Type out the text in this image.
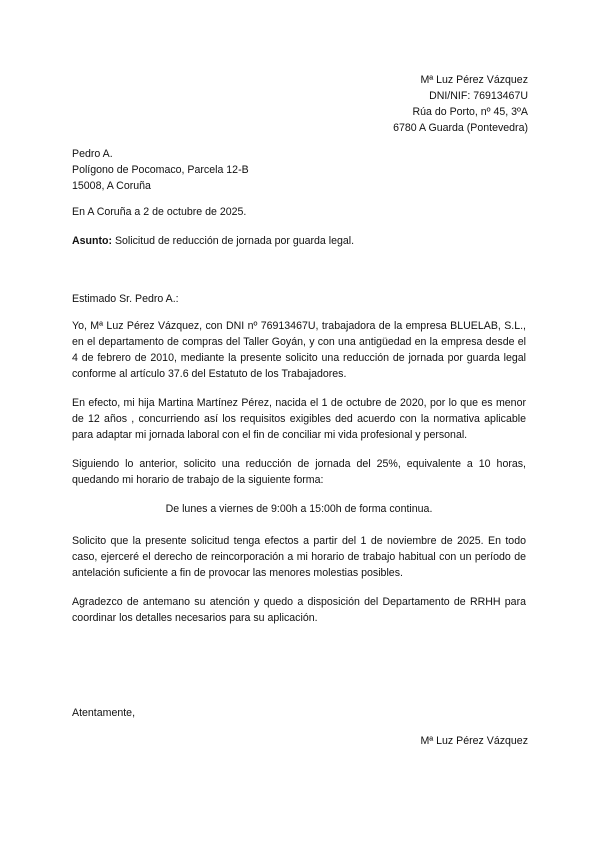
Mª Luz Pérez Vázquez
DNI/NIF: 76913467U
Rúa do Porto, nº 45, 3ºA
6780 A Guarda (Pontevedra)
Pedro A.
Polígono de Pocomaco, Parcela 12-B
15008, A Coruña
En A Coruña a 2 de octubre de 2025.
Asunto: Solicitud de reducción de jornada por guarda legal.
Estimado Sr. Pedro A.:

Yo, Mª Luz Pérez Vázquez, con DNI nº 76913467U, trabajadora de la empresa BLUELAB, S.L., en el departamento de compras del Taller Goyán, y con una antigüedad en la empresa desde el 4 de febrero de 2010, mediante la presente solicito una reducción de jornada por guarda legal conforme al artículo 37.6 del Estatuto de los Trabajadores.

En efecto, mi hija Martina Martínez Pérez, nacida el 1 de octubre de 2020, por lo que es menor de 12 años , concurriendo así los requisitos exigibles ded acuerdo con la normativa aplicable para adaptar mi jornada laboral con el fin de conciliar mi vida profesional y personal.

Siguiendo lo anterior, solicito una reducción de jornada del 25%, equivalente a 10 horas, quedando mi horario de trabajo de la siguiente forma:

De lunes a viernes de 9:00h a 15:00h de forma continua.

Solicito que la presente solicitud tenga efectos a partir del 1 de noviembre de 2025. En todo caso, ejerceré el derecho de reincorporación a mi horario de trabajo habitual con un período de antelación suficiente a fin de provocar las menores molestias posibles.

Agradezco de antemano su atención y quedo a disposición del Departamento de RRHH para coordinar los detalles necesarios para su aplicación.

Atentamente,
Mª Luz Pérez Vázquez
